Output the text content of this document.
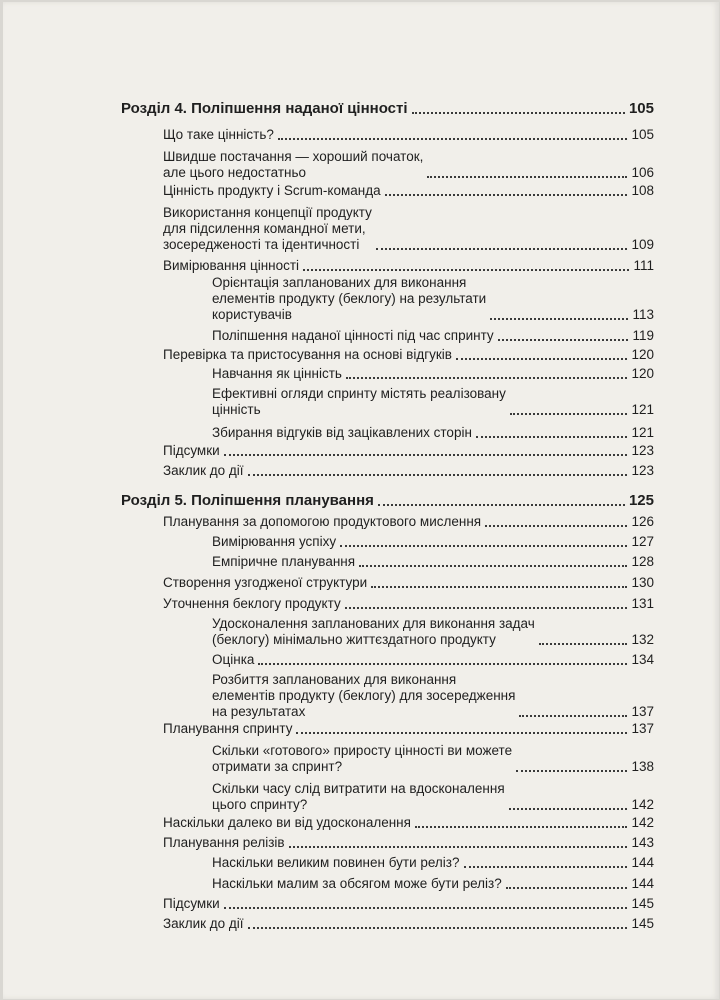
Розділ 4. Поліпшення наданої цінності	105
Що таке цінність?	105
Швидше постачання — хороший початок,
але цього недостатньо	106
Цінність продукту і Scrum-команда	108
Використання концепції продукту
для підсилення командної мети,
зосередженості та ідентичності	109
Вимірювання цінності	111
Орієнтація запланованих для виконання
елементів продукту (беклогу) на результати
користувачів	113
Поліпшення наданої цінності під час спринту	119
Перевірка та пристосування на основі відгуків	120
Навчання як цінність	120
Ефективні огляди спринту містять реалізовану
цінність	121
Збирання відгуків від зацікавлених сторін	121
Підсумки	123
Заклик до дії	123
Розділ 5. Поліпшення планування	125
Планування за допомогою продуктового мислення	126
Вимірювання успіху	127
Емпіричне планування	128
Створення узгодженої структури	130
Уточнення беклогу продукту	131
Удосконалення запланованих для виконання задач
(беклогу) мінімально життєздатного продукту	132
Оцінка	134
Розбиття запланованих для виконання
елементів продукту (беклогу) для зосередження
на результатах	137
Планування спринту	137
Скільки «готового» приросту цінності ви можете
отримати за спринт?	138
Скільки часу слід витратити на вдосконалення
цього спринту?	142
Наскільки далеко ви від удосконалення	142
Планування релізів	143
Наскільки великим повинен бути реліз?	144
Наскільки малим за обсягом може бути реліз?	144
Підсумки	145
Заклик до дії	145
